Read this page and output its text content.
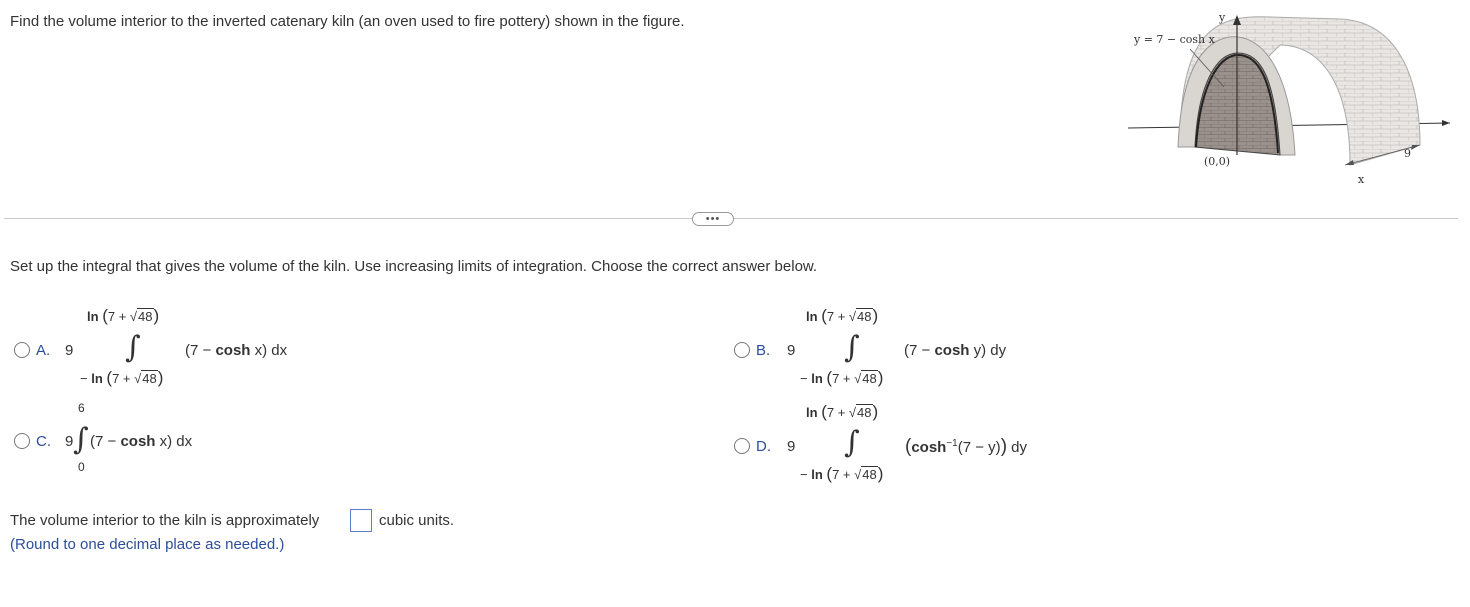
Find the volume interior to the inverted catenary kiln (an oven used to fire pottery) shown in the figure.
y = 7 − cosh x
y
x
(0,0)
9
•••
Set up the integral that gives the volume of the kiln. Use increasing limits of integration. Choose the correct answer below.
A. 9
ln (7 + √48)
∫
− ln (7 + √48)
(7 − cosh x) dx	B. 9
ln (7 + √48)
∫
− ln (7 + √48)
(7 − cosh y) dy
C. 9
6
∫
0
(7 − cosh x) dx	D. 9
ln (7 + √48)
∫
− ln (7 + √48)
$(\cosh^{-1}(7 - y))$ dy
The volume interior to the kiln is approximately	cubic units.
(Round to one decimal place as needed.)
